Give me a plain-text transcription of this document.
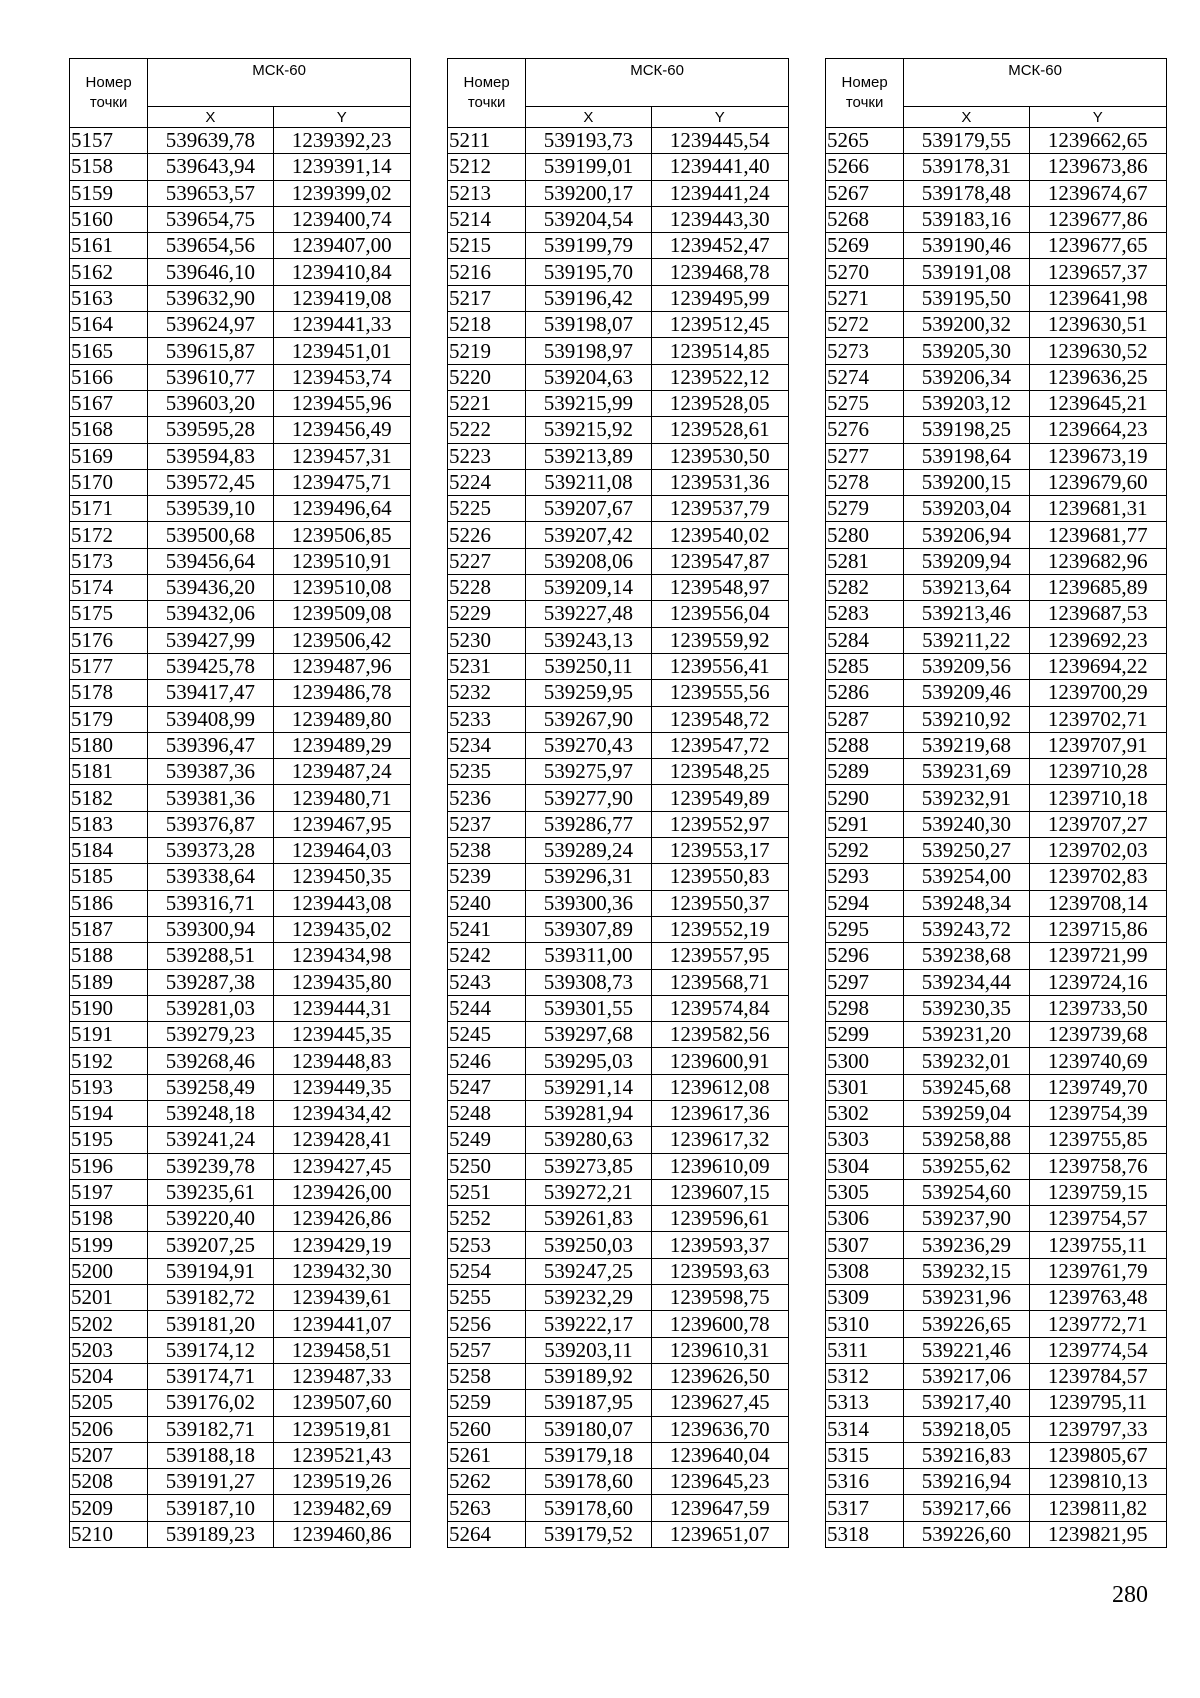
Номер
точки	МСК-60	
	X	Y
5157	539639,78	1239392,23
5158	539643,94	1239391,14
5159	539653,57	1239399,02
5160	539654,75	1239400,74
5161	539654,56	1239407,00
5162	539646,10	1239410,84
5163	539632,90	1239419,08
5164	539624,97	1239441,33
5165	539615,87	1239451,01
5166	539610,77	1239453,74
5167	539603,20	1239455,96
5168	539595,28	1239456,49
5169	539594,83	1239457,31
5170	539572,45	1239475,71
5171	539539,10	1239496,64
5172	539500,68	1239506,85
5173	539456,64	1239510,91
5174	539436,20	1239510,08
5175	539432,06	1239509,08
5176	539427,99	1239506,42
5177	539425,78	1239487,96
5178	539417,47	1239486,78
5179	539408,99	1239489,80
5180	539396,47	1239489,29
5181	539387,36	1239487,24
5182	539381,36	1239480,71
5183	539376,87	1239467,95
5184	539373,28	1239464,03
5185	539338,64	1239450,35
5186	539316,71	1239443,08
5187	539300,94	1239435,02
5188	539288,51	1239434,98
5189	539287,38	1239435,80
5190	539281,03	1239444,31
5191	539279,23	1239445,35
5192	539268,46	1239448,83
5193	539258,49	1239449,35
5194	539248,18	1239434,42
5195	539241,24	1239428,41
5196	539239,78	1239427,45
5197	539235,61	1239426,00
5198	539220,40	1239426,86
5199	539207,25	1239429,19
5200	539194,91	1239432,30
5201	539182,72	1239439,61
5202	539181,20	1239441,07
5203	539174,12	1239458,51
5204	539174,71	1239487,33
5205	539176,02	1239507,60
5206	539182,71	1239519,81
5207	539188,18	1239521,43
5208	539191,27	1239519,26
5209	539187,10	1239482,69
5210	539189,23	1239460,86
Номер
точки	МСК-60	
	X	Y
5211	539193,73	1239445,54
5212	539199,01	1239441,40
5213	539200,17	1239441,24
5214	539204,54	1239443,30
5215	539199,79	1239452,47
5216	539195,70	1239468,78
5217	539196,42	1239495,99
5218	539198,07	1239512,45
5219	539198,97	1239514,85
5220	539204,63	1239522,12
5221	539215,99	1239528,05
5222	539215,92	1239528,61
5223	539213,89	1239530,50
5224	539211,08	1239531,36
5225	539207,67	1239537,79
5226	539207,42	1239540,02
5227	539208,06	1239547,87
5228	539209,14	1239548,97
5229	539227,48	1239556,04
5230	539243,13	1239559,92
5231	539250,11	1239556,41
5232	539259,95	1239555,56
5233	539267,90	1239548,72
5234	539270,43	1239547,72
5235	539275,97	1239548,25
5236	539277,90	1239549,89
5237	539286,77	1239552,97
5238	539289,24	1239553,17
5239	539296,31	1239550,83
5240	539300,36	1239550,37
5241	539307,89	1239552,19
5242	539311,00	1239557,95
5243	539308,73	1239568,71
5244	539301,55	1239574,84
5245	539297,68	1239582,56
5246	539295,03	1239600,91
5247	539291,14	1239612,08
5248	539281,94	1239617,36
5249	539280,63	1239617,32
5250	539273,85	1239610,09
5251	539272,21	1239607,15
5252	539261,83	1239596,61
5253	539250,03	1239593,37
5254	539247,25	1239593,63
5255	539232,29	1239598,75
5256	539222,17	1239600,78
5257	539203,11	1239610,31
5258	539189,92	1239626,50
5259	539187,95	1239627,45
5260	539180,07	1239636,70
5261	539179,18	1239640,04
5262	539178,60	1239645,23
5263	539178,60	1239647,59
5264	539179,52	1239651,07
Номер
точки	МСК-60	
	X	Y
5265	539179,55	1239662,65
5266	539178,31	1239673,86
5267	539178,48	1239674,67
5268	539183,16	1239677,86
5269	539190,46	1239677,65
5270	539191,08	1239657,37
5271	539195,50	1239641,98
5272	539200,32	1239630,51
5273	539205,30	1239630,52
5274	539206,34	1239636,25
5275	539203,12	1239645,21
5276	539198,25	1239664,23
5277	539198,64	1239673,19
5278	539200,15	1239679,60
5279	539203,04	1239681,31
5280	539206,94	1239681,77
5281	539209,94	1239682,96
5282	539213,64	1239685,89
5283	539213,46	1239687,53
5284	539211,22	1239692,23
5285	539209,56	1239694,22
5286	539209,46	1239700,29
5287	539210,92	1239702,71
5288	539219,68	1239707,91
5289	539231,69	1239710,28
5290	539232,91	1239710,18
5291	539240,30	1239707,27
5292	539250,27	1239702,03
5293	539254,00	1239702,83
5294	539248,34	1239708,14
5295	539243,72	1239715,86
5296	539238,68	1239721,99
5297	539234,44	1239724,16
5298	539230,35	1239733,50
5299	539231,20	1239739,68
5300	539232,01	1239740,69
5301	539245,68	1239749,70
5302	539259,04	1239754,39
5303	539258,88	1239755,85
5304	539255,62	1239758,76
5305	539254,60	1239759,15
5306	539237,90	1239754,57
5307	539236,29	1239755,11
5308	539232,15	1239761,79
5309	539231,96	1239763,48
5310	539226,65	1239772,71
5311	539221,46	1239774,54
5312	539217,06	1239784,57
5313	539217,40	1239795,11
5314	539218,05	1239797,33
5315	539216,83	1239805,67
5316	539216,94	1239810,13
5317	539217,66	1239811,82
5318	539226,60	1239821,95
280
